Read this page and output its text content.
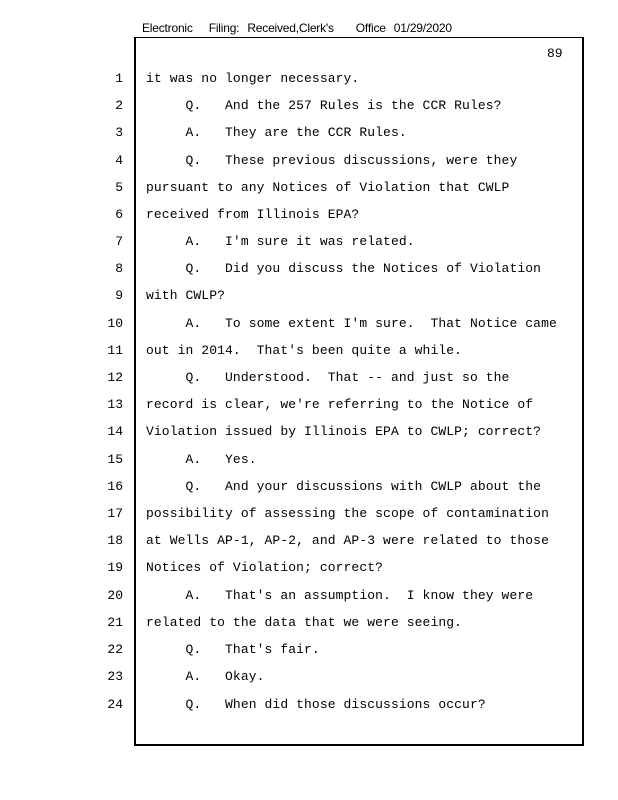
Electronic Filing: Received,Clerk's Office 01/29/2020
89
1
2
3
4
5
6
7
8
9
10
11
12
13
14
15
16
17
18
19
20
21
22
23
24
it was no longer necessary.
Q.   And the 257 Rules is the CCR Rules?
A.   They are the CCR Rules.
Q.   These previous discussions, were they
pursuant to any Notices of Violation that CWLP
received from Illinois EPA?
A.   I'm sure it was related.
Q.   Did you discuss the Notices of Violation
with CWLP?
A.   To some extent I'm sure.  That Notice came
out in 2014.  That's been quite a while.
Q.   Understood.  That -- and just so the
record is clear, we're referring to the Notice of
Violation issued by Illinois EPA to CWLP; correct?
A.   Yes.
Q.   And your discussions with CWLP about the
possibility of assessing the scope of contamination
at Wells AP-1, AP-2, and AP-3 were related to those
Notices of Violation; correct?
A.   That's an assumption.  I know they were
related to the data that we were seeing.
Q.   That's fair.
A.   Okay.
Q.   When did those discussions occur?
